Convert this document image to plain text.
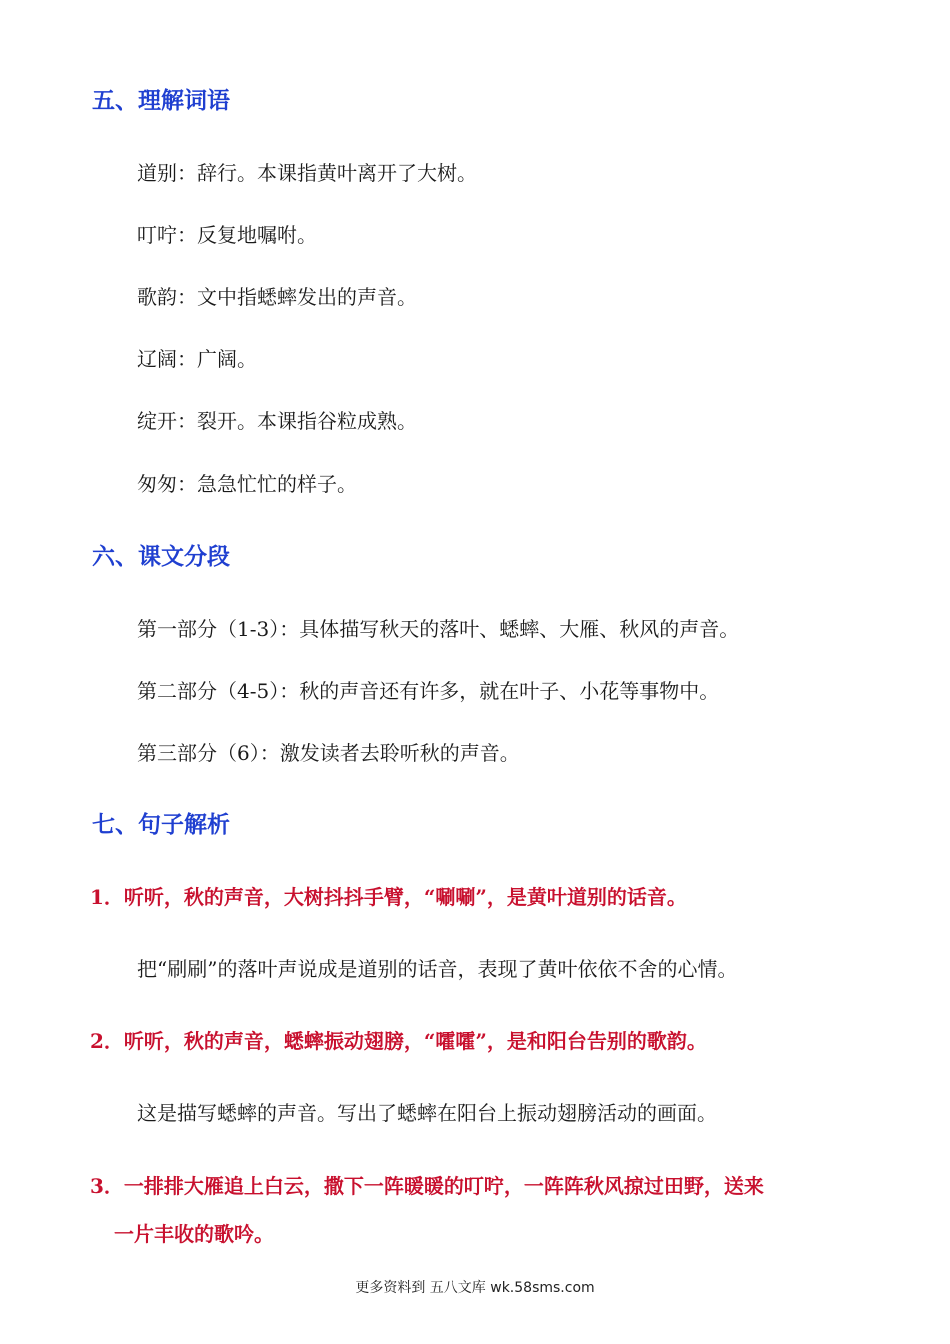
五、理解词语
道别：辞行。本课指黄叶离开了大树。
叮咛：反复地嘱咐。
歌韵：文中指蟋蟀发出的声音。
辽阔：广阔。
绽开：裂开。本课指谷粒成熟。
匆匆：急急忙忙的样子。
六、课文分段
第一部分（1-3）：具体描写秋天的落叶、蟋蟀、大雁、秋风的声音。
第二部分（4-5）：秋的声音还有许多，就在叶子、小花等事物中。
第三部分（6）：激发读者去聆听秋的声音。
七、句子解析
1．听听，秋的声音，大树抖抖手臂，“唰唰”，是黄叶道别的话音。
把“刷刷”的落叶声说成是道别的话音，表现了黄叶依依不舍的心情。
2．听听，秋的声音，蟋蟀振动翅膀，“嚯嚯”，是和阳台告别的歌韵。
这是描写蟋蟀的声音。写出了蟋蟀在阳台上振动翅膀活动的画面。
3．一排排大雁追上白云，撒下一阵暖暖的叮咛，一阵阵秋风掠过田野，送来
一片丰收的歌吟。
更多资料到 五八文库 wk.58sms.com
